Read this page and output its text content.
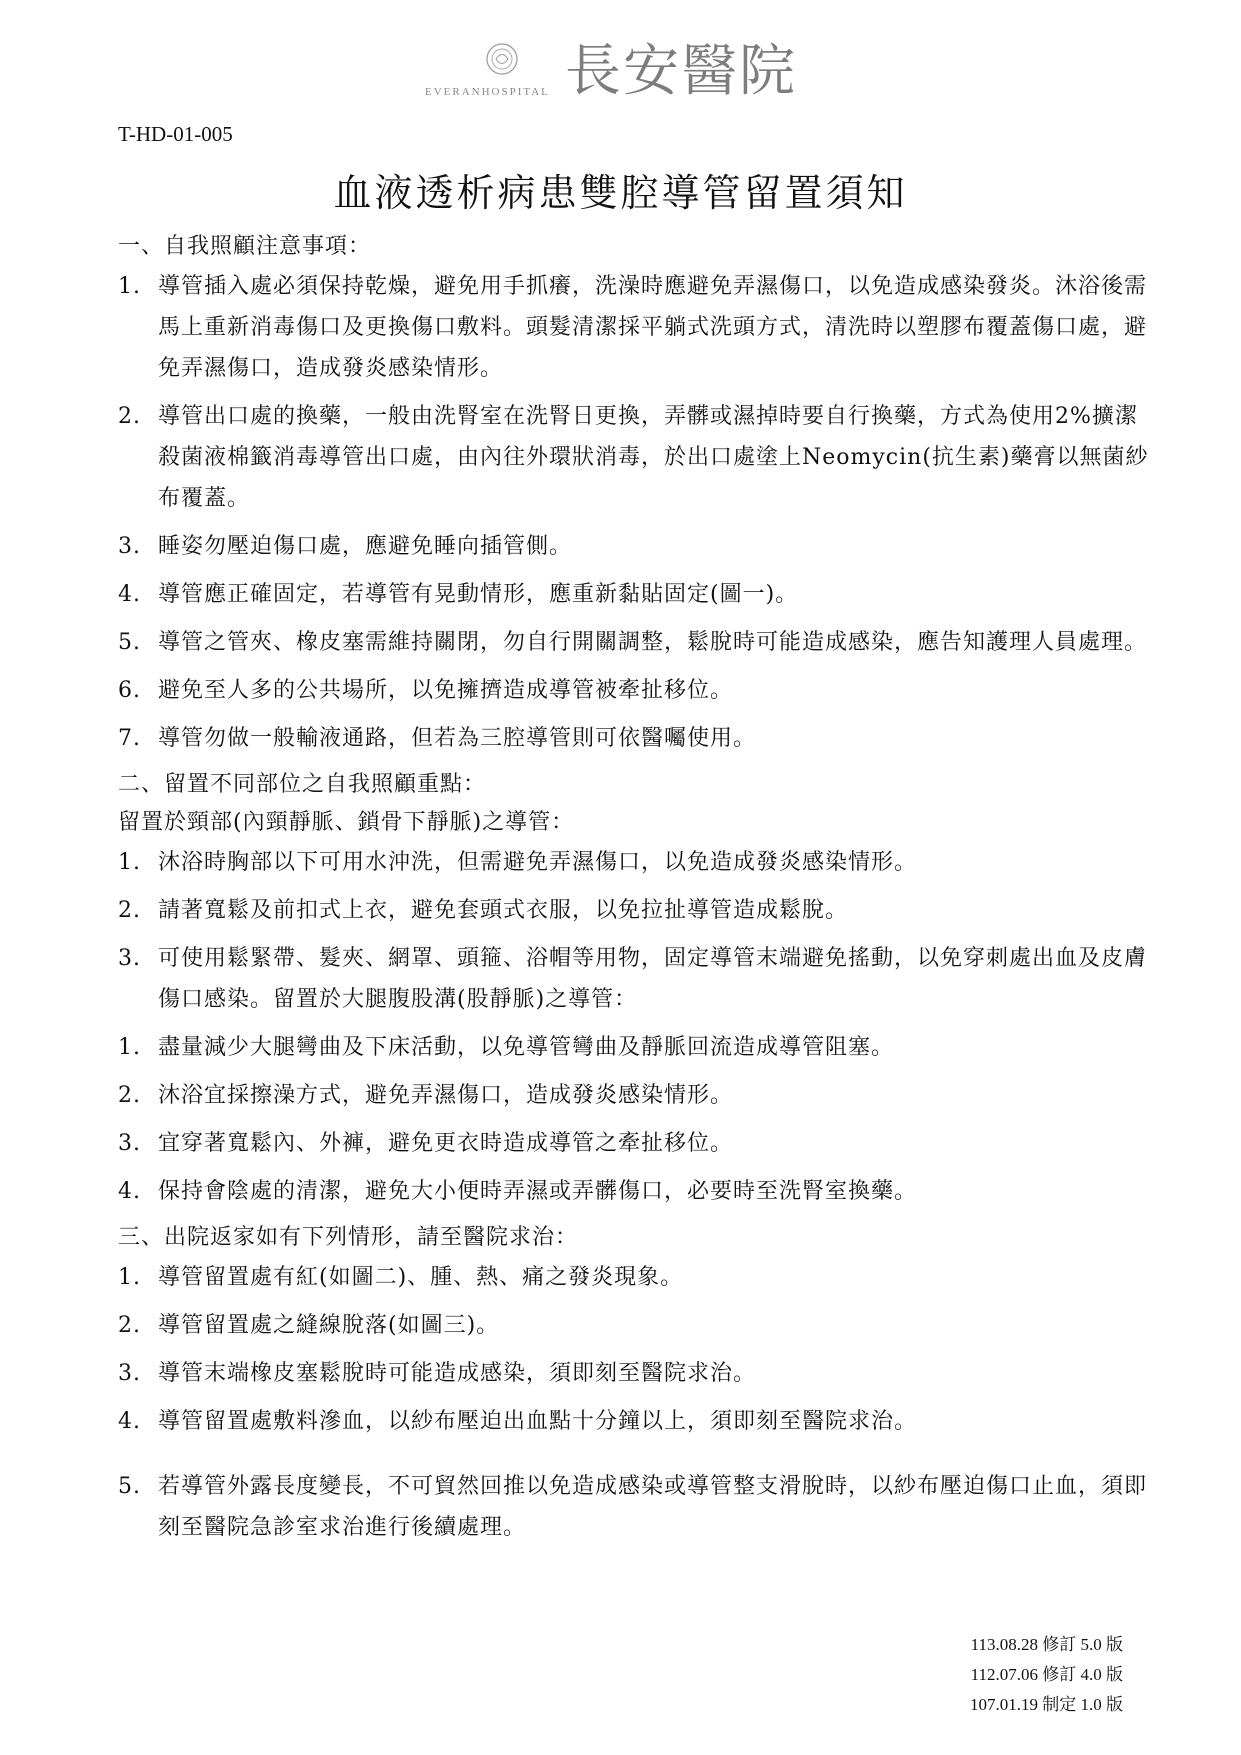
EVERANHOSPITAL 長安醫院
T-HD-01-005
血液透析病患雙腔導管留置須知

一、自我照顧注意事項：

1. 導管插入處必須保持乾燥，避免用手抓癢，洗澡時應避免弄濕傷口，以免造成感染發炎。沐浴後需馬上重新消毒傷口及更換傷口敷料。頭髮清潔採平躺式洗頭方式，清洗時以塑膠布覆蓋傷口處，避免弄濕傷口，造成發炎感染情形。
2. 導管出口處的換藥，一般由洗腎室在洗腎日更換，弄髒或濕掉時要自行換藥，方式為使用2%擴潔殺菌液棉籤消毒導管出口處，由內往外環狀消毒，於出口處塗上Neomycin(抗生素)藥膏以無菌紗布覆蓋。
3. 睡姿勿壓迫傷口處，應避免睡向插管側。
4. 導管應正確固定，若導管有晃動情形，應重新黏貼固定(圖一)。
5. 導管之管夾、橡皮塞需維持關閉，勿自行開關調整，鬆脫時可能造成感染，應告知護理人員處理。
6. 避免至人多的公共場所，以免擁擠造成導管被牽扯移位。
7. 導管勿做一般輸液通路，但若為三腔導管則可依醫囑使用。

二、留置不同部位之自我照顧重點：

留置於頸部(內頸靜脈、鎖骨下靜脈)之導管：

1. 沐浴時胸部以下可用水沖洗，但需避免弄濕傷口，以免造成發炎感染情形。
2. 請著寬鬆及前扣式上衣，避免套頭式衣服，以免拉扯導管造成鬆脫。
3. 可使用鬆緊帶、髮夾、網罩、頭箍、浴帽等用物，固定導管末端避免搖動，以免穿刺處出血及皮膚傷口感染。留置於大腿腹股溝(股靜脈)之導管：
1. 盡量減少大腿彎曲及下床活動，以免導管彎曲及靜脈回流造成導管阻塞。
2. 沐浴宜採擦澡方式，避免弄濕傷口，造成發炎感染情形。
3. 宜穿著寬鬆內、外褲，避免更衣時造成導管之牽扯移位。
4. 保持會陰處的清潔，避免大小便時弄濕或弄髒傷口，必要時至洗腎室換藥。

三、出院返家如有下列情形，請至醫院求治：

1. 導管留置處有紅(如圖二)、腫、熱、痛之發炎現象。
2. 導管留置處之縫線脫落(如圖三)。
3. 導管末端橡皮塞鬆脫時可能造成感染，須即刻至醫院求治。
4. 導管留置處敷料滲血，以紗布壓迫出血點十分鐘以上，須即刻至醫院求治。
5. 若導管外露長度變長，不可貿然回推以免造成感染或導管整支滑脫時，以紗布壓迫傷口止血，須即刻至醫院急診室求治進行後續處理。
113.08.28 修訂 5.0 版
112.07.06 修訂 4.0 版
107.01.19 制定 1.0 版
